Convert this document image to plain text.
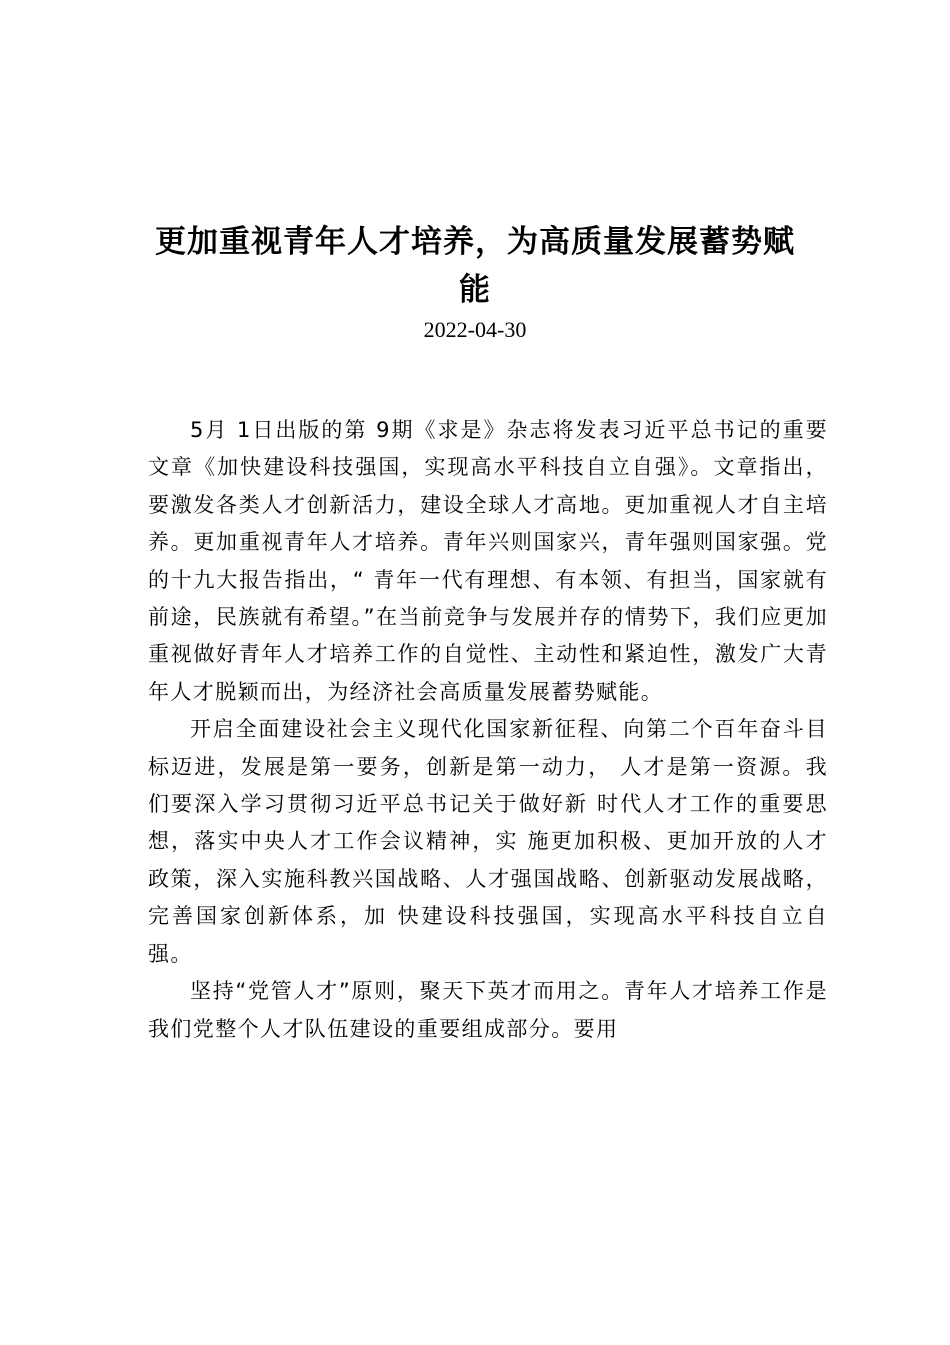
更加重视青年人才培养，为高质量发展蓄势赋能
2022-04-30

5月 1日出版的第 9期《求是》杂志将发表习近平总书记的重要文章《加快建设科技强国，实现高水平科技自立自强》。文章指出，要激发各类人才创新活力，建设全球人才高地。更加重视人才自主培养。更加重视青年人才培养。青年兴则国家兴，青年强则国家强。党的十九大报告指出，“ 青年一代有理想、有本领、有担当，国家就有前途，民族就有希望。”在当前竞争与发展并存的情势下，我们应更加重视做好青年人才培养工作的自觉性、主动性和紧迫性，激发广大青年人才脱颖而出，为经济社会高质量发展蓄势赋能。

开启全面建设社会主义现代化国家新征程、向第二个百年奋斗目标迈进，发展是第一要务，创新是第一动力， 人才是第一资源。我们要深入学习贯彻习近平总书记关于做好新 时代人才工作的重要思想，落实中央人才工作会议精神，实 施更加积极、更加开放的人才政策，深入实施科教兴国战略、人才强国战略、创新驱动发展战略，完善国家创新体系，加 快建设科技强国，实现高水平科技自立自强。

坚持“党管人才”原则，聚天下英才而用之。青年人才培养工作是我们党整个人才队伍建设的重要组成部分。要用
